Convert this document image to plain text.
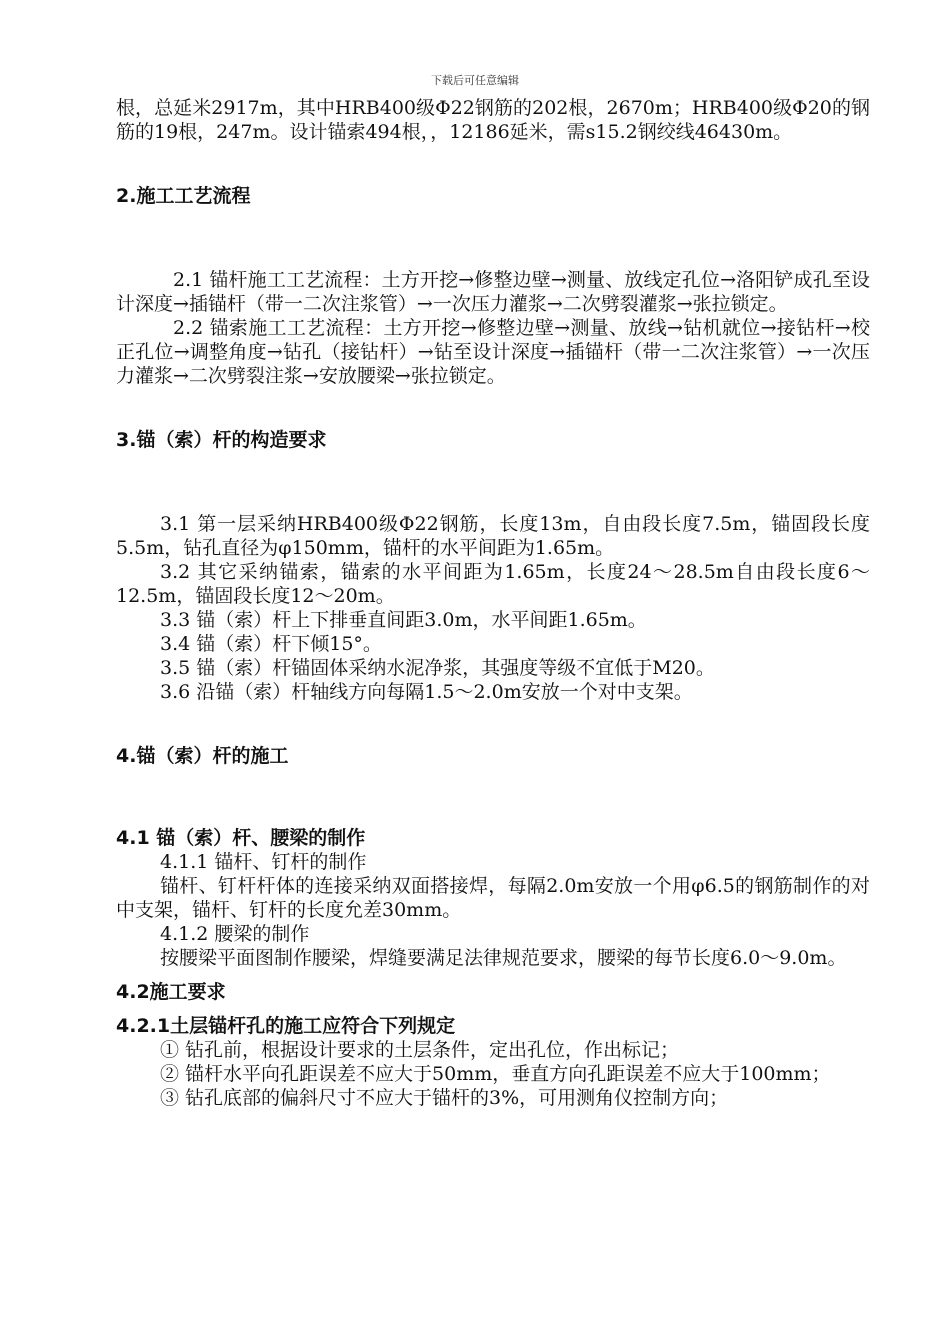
下载后可任意编辑

根，总延米2917m，其中HRB400级Φ22钢筋的202根，2670m；HRB400级Φ20的钢筋的19根，247m。设计锚索494根，，12186延米，需s15.2钢绞线46430m。

2.施工工艺流程

2.1 锚杆施工工艺流程：土方开挖→修整边壁→测量、放线定孔位→洛阳铲成孔至设计深度→插锚杆（带一二次注浆管）→一次压力灌浆→二次劈裂灌浆→张拉锁定。

2.2 锚索施工工艺流程：土方开挖→修整边壁→测量、放线→钻机就位→接钻杆→校正孔位→调整角度→钻孔（接钻杆）→钻至设计深度→插锚杆（带一二次注浆管）→一次压力灌浆→二次劈裂注浆→安放腰梁→张拉锁定。

3.锚（索）杆的构造要求

3.1 第一层采纳HRB400级Φ22钢筋，长度13m，自由段长度7.5m，锚固段长度5.5m，钻孔直径为φ150mm，锚杆的水平间距为1.65m。

3.2 其它采纳锚索，锚索的水平间距为1.65m，长度24～28.5m自由段长度6～12.5m，锚固段长度12～20m。

3.3 锚（索）杆上下排垂直间距3.0m，水平间距1.65m。

3.4 锚（索）杆下倾15°。

3.5 锚（索）杆锚固体采纳水泥净浆，其强度等级不宜低于M20。

3.6 沿锚（索）杆轴线方向每隔1.5～2.0m安放一个对中支架。

4.锚（索）杆的施工
4.1 锚（索）杆、腰梁的制作

4.1.1 锚杆、钉杆的制作

锚杆、钉杆杆体的连接采纳双面搭接焊，每隔2.0m安放一个用φ6.5的钢筋制作的对中支架，锚杆、钉杆的长度允差30mm。

4.1.2 腰梁的制作

按腰梁平面图制作腰梁，焊缝要满足法律规范要求，腰梁的每节长度6.0～9.0m。

4.2施工要求
4.2.1土层锚杆孔的施工应符合下列规定

① 钻孔前，根据设计要求的土层条件，定出孔位，作出标记；

② 锚杆水平向孔距误差不应大于50mm，垂直方向孔距误差不应大于100mm；

③ 钻孔底部的偏斜尺寸不应大于锚杆的3%，可用测角仪控制方向；
